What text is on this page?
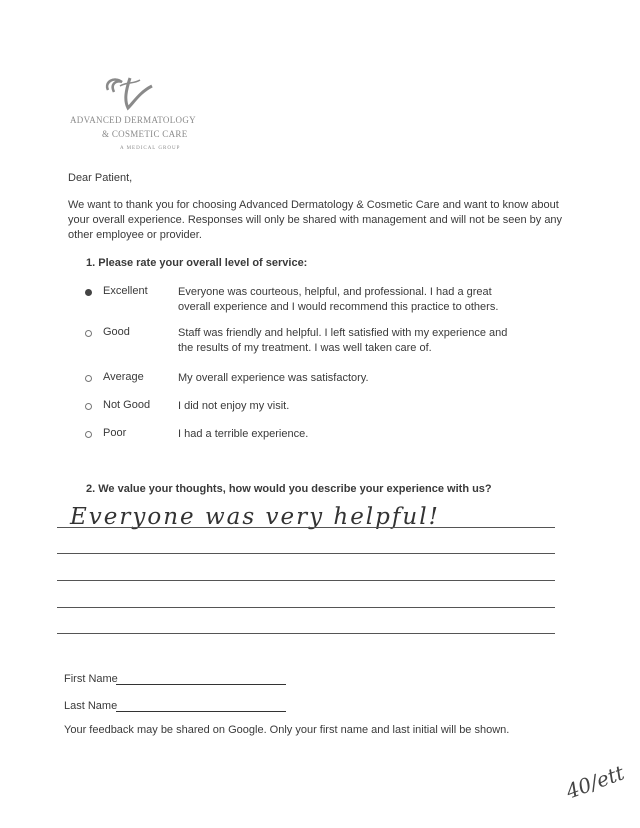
ADVANCED DERMATOLOGY
& COSMETIC CARE
A MEDICAL GROUP
Dear Patient,
We want to thank you for choosing Advanced Dermatology & Cosmetic Care and want to know about
your overall experience. Responses will only be shared with management and will not be seen by any
other employee or provider.
1. Please rate your overall level of service:
Excellent	Everyone was courteous, helpful, and professional. I had a great
overall experience and I would recommend this practice to others.
Good	Staff was friendly and helpful. I left satisfied with my experience and
the results of my treatment. I was well taken care of.
Average	My overall experience was satisfactory.
Not Good	I did not enjoy my visit.
Poor	I had a terrible experience.
2. We value your thoughts, how would you describe your experience with us?
Everyone was very helpful!
First Name
Last Name
Your feedback may be shared on Google. Only your first name and last initial will be shown.
40/ett
